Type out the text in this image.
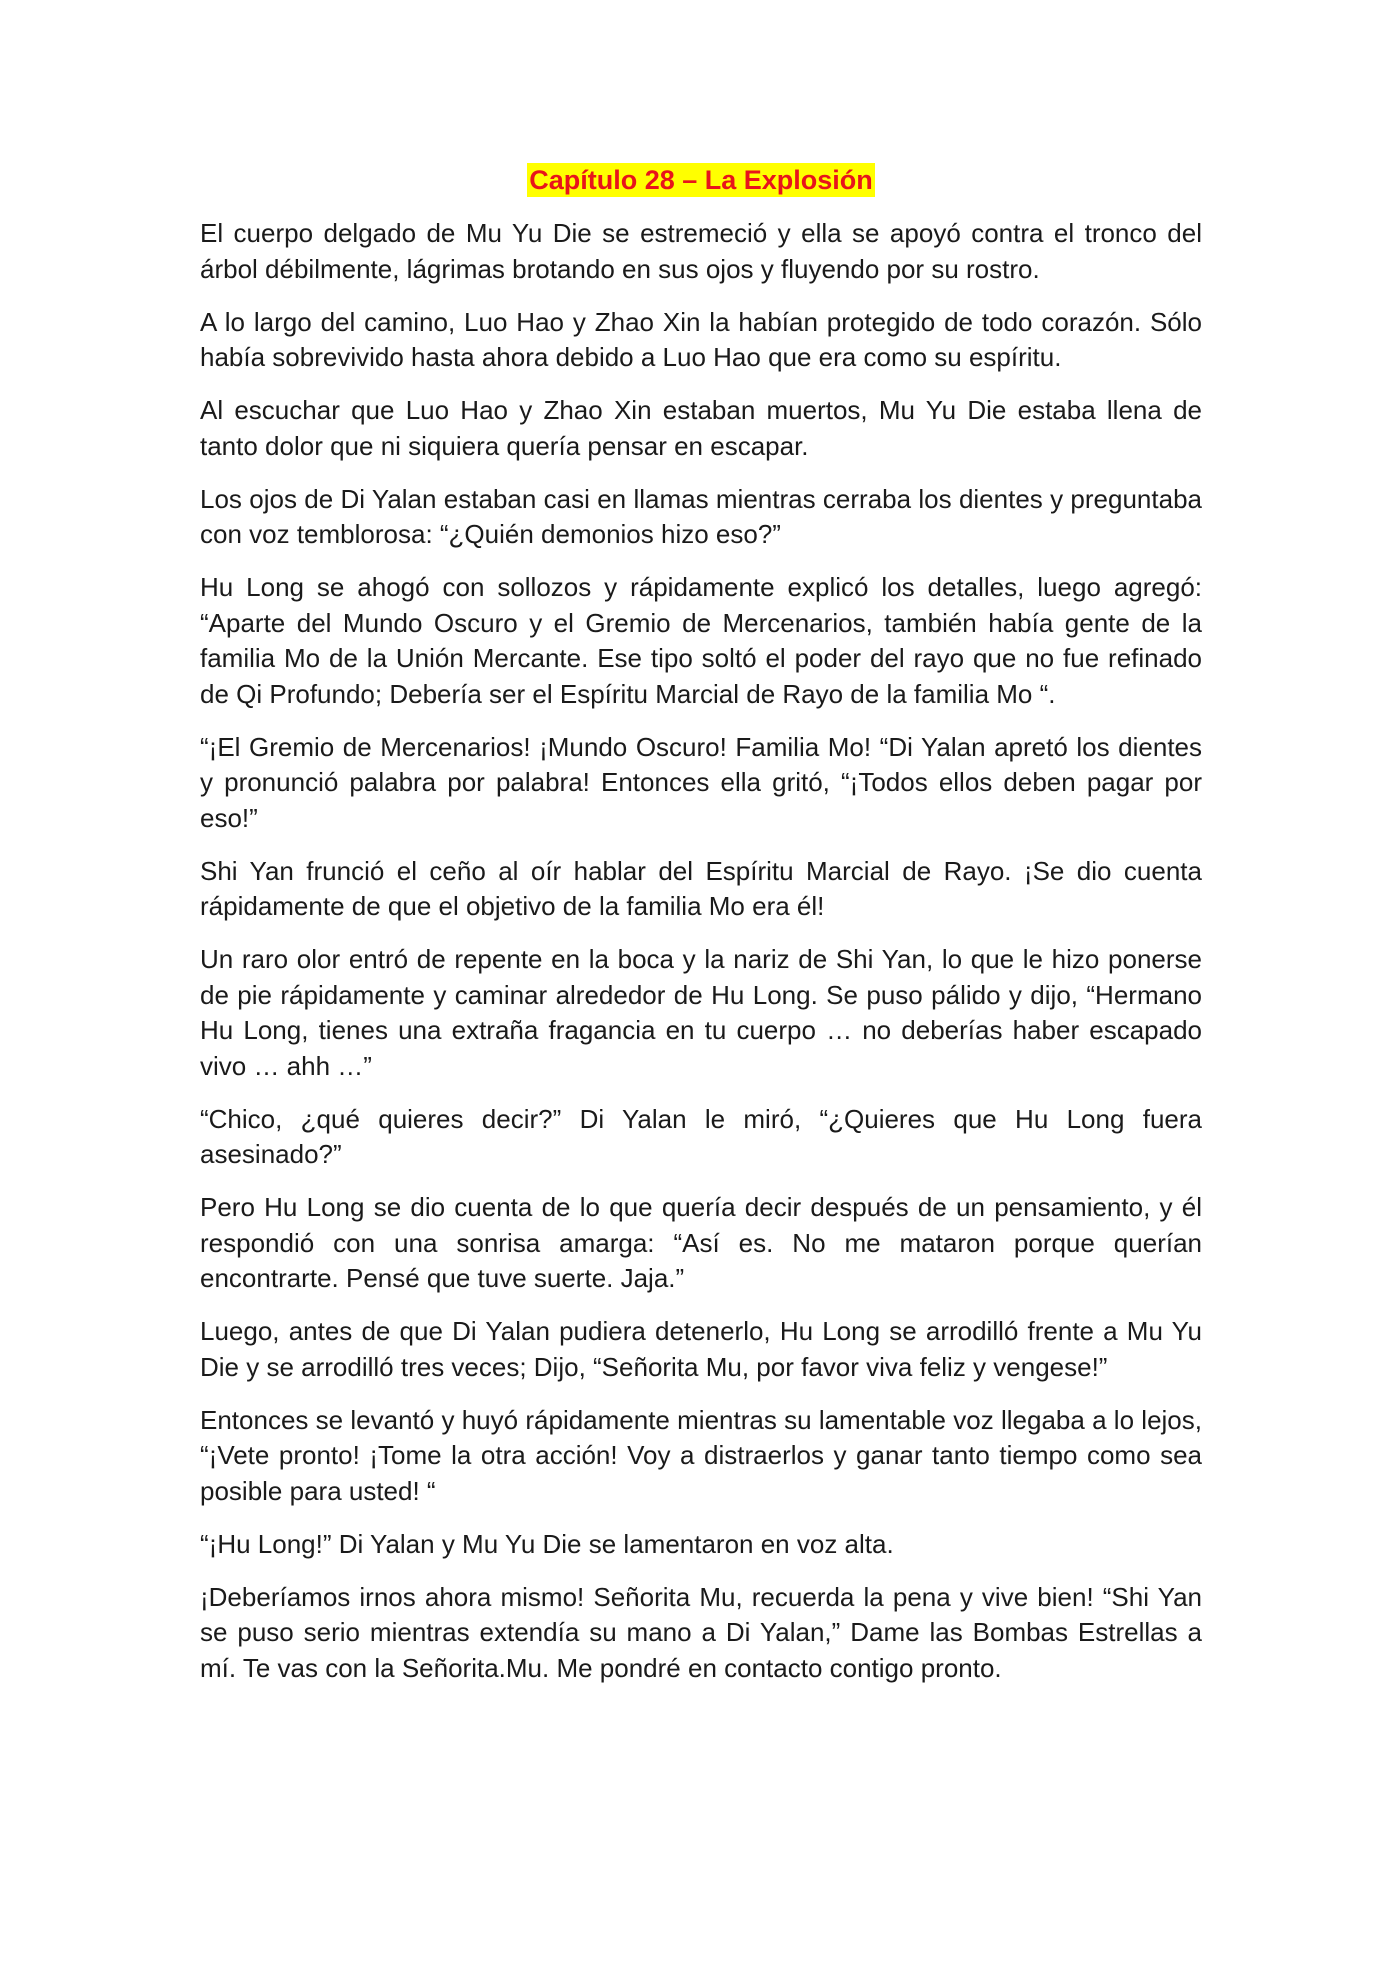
Capítulo 28 – La Explosión

El cuerpo delgado de Mu Yu Die se estremeció y ella se apoyó contra el tronco del árbol débilmente, lágrimas brotando en sus ojos y fluyendo por su rostro.

A lo largo del camino, Luo Hao y Zhao Xin la habían protegido de todo corazón. Sólo había sobrevivido hasta ahora debido a Luo Hao que era como su espíritu.

Al escuchar que Luo Hao y Zhao Xin estaban muertos, Mu Yu Die estaba llena de tanto dolor que ni siquiera quería pensar en escapar.

Los ojos de Di Yalan estaban casi en llamas mientras cerraba los dientes y preguntaba con voz temblorosa: “¿Quién demonios hizo eso?”

Hu Long se ahogó con sollozos y rápidamente explicó los detalles, luego agregó: “Aparte del Mundo Oscuro y el Gremio de Mercenarios, también había gente de la familia Mo de la Unión Mercante. Ese tipo soltó el poder del rayo que no fue refinado de Qi Profundo; Debería ser el Espíritu Marcial de Rayo de la familia Mo “.

“¡El Gremio de Mercenarios! ¡Mundo Oscuro! Familia Mo! “Di Yalan apretó los dientes y pronunció palabra por palabra! Entonces ella gritó, “¡Todos ellos deben pagar por eso!”

Shi Yan frunció el ceño al oír hablar del Espíritu Marcial de Rayo. ¡Se dio cuenta rápidamente de que el objetivo de la familia Mo era él!

Un raro olor entró de repente en la boca y la nariz de Shi Yan, lo que le hizo ponerse de pie rápidamente y caminar alrededor de Hu Long. Se puso pálido y dijo, “Hermano Hu Long, tienes una extraña fragancia en tu cuerpo … no deberías haber escapado vivo … ahh …”

“Chico, ¿qué quieres decir?” Di Yalan le miró, “¿Quieres que Hu Long fuera asesinado?”

Pero Hu Long se dio cuenta de lo que quería decir después de un pensamiento, y él respondió con una sonrisa amarga: “Así es. No me mataron porque querían encontrarte. Pensé que tuve suerte. Jaja.”

Luego, antes de que Di Yalan pudiera detenerlo, Hu Long se arrodilló frente a Mu Yu Die y se arrodilló tres veces; Dijo, “Señorita Mu, por favor viva feliz y vengese!”

Entonces se levantó y huyó rápidamente mientras su lamentable voz llegaba a lo lejos, “¡Vete pronto! ¡Tome la otra acción! Voy a distraerlos y ganar tanto tiempo como sea posible para usted! “

“¡Hu Long!” Di Yalan y Mu Yu Die se lamentaron en voz alta.

¡Deberíamos irnos ahora mismo! Señorita Mu, recuerda la pena y vive bien! “Shi Yan se puso serio mientras extendía su mano a Di Yalan,” Dame las Bombas Estrellas a mí. Te vas con la Señorita.Mu. Me pondré en contacto contigo pronto.
